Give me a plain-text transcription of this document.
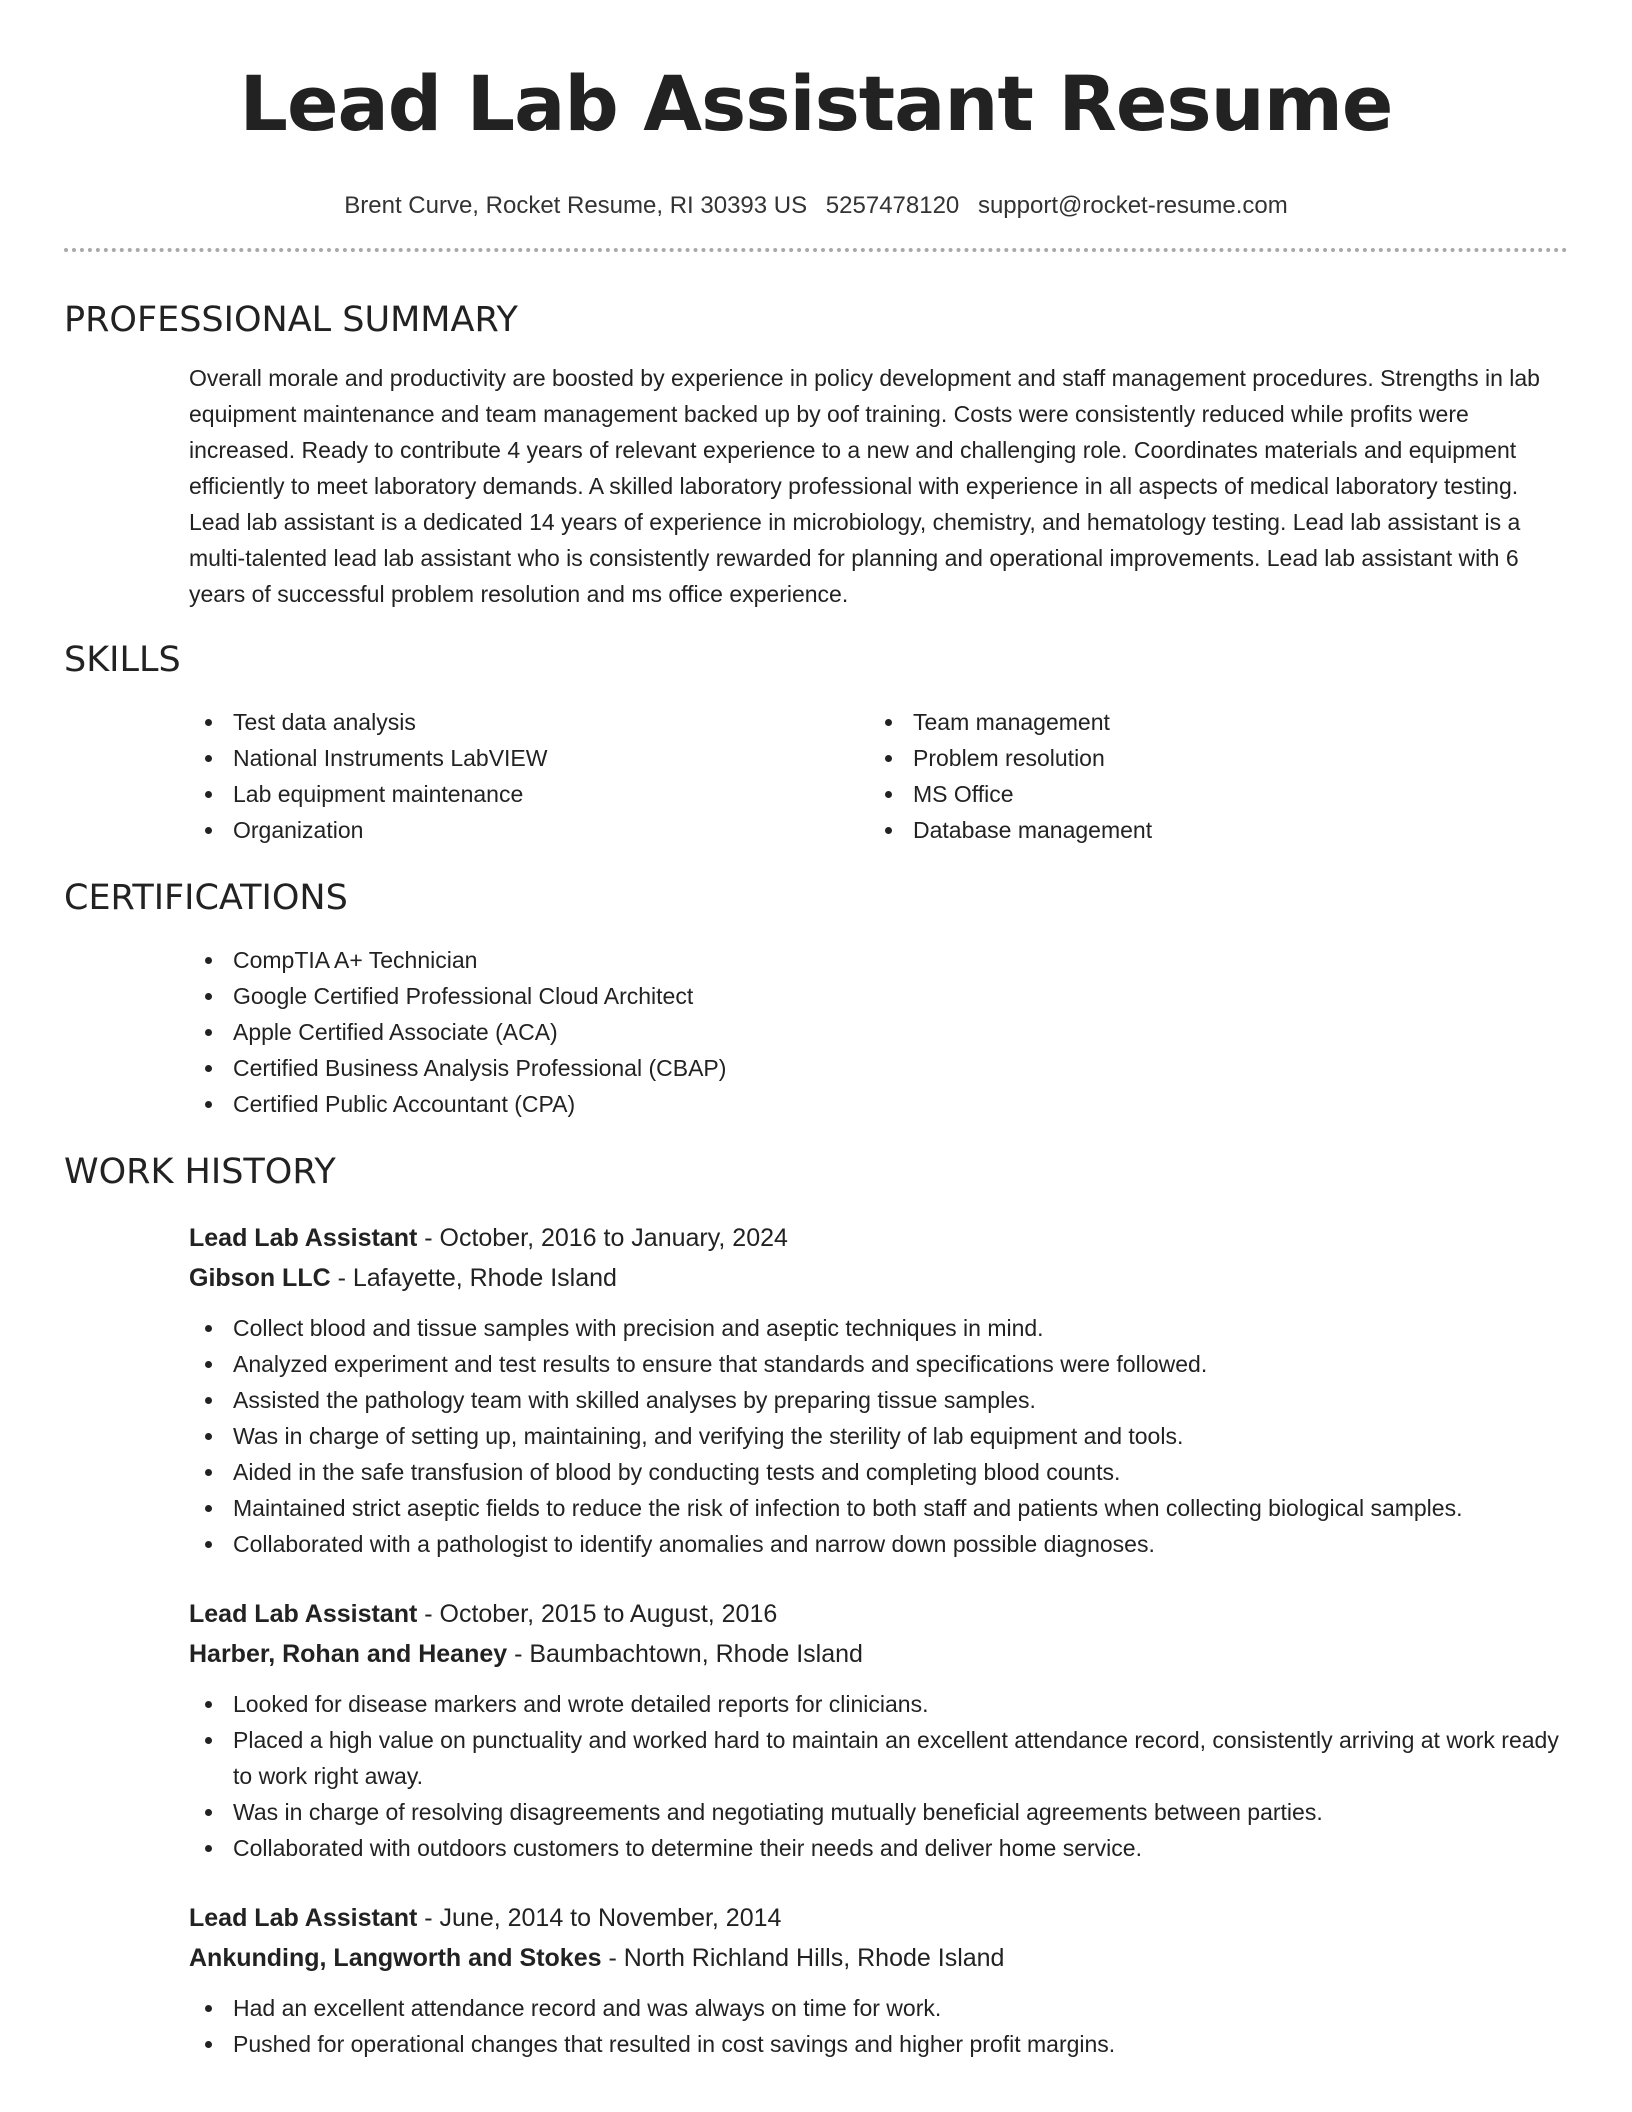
Lead Lab Assistant Resume
Brent Curve, Rocket Resume, RI 30393 US 5257478120 support@rocket-resume.com
PROFESSIONAL SUMMARY
Overall morale and productivity are boosted by experience in policy development and staff management procedures. Strengths in lab equipment maintenance and team management backed up by oof training. Costs were consistently reduced while profits were increased. Ready to contribute 4 years of relevant experience to a new and challenging role. Coordinates materials and equipment efficiently to meet laboratory demands. A skilled laboratory professional with experience in all aspects of medical laboratory testing. Lead lab assistant is a dedicated 14 years of experience in microbiology, chemistry, and hematology testing. Lead lab assistant is a multi-talented lead lab assistant who is consistently rewarded for planning and operational improvements. Lead lab assistant with 6 years of successful problem resolution and ms office experience.
SKILLS
Test data analysis
National Instruments LabVIEW
Lab equipment maintenance
Organization
Team management
Problem resolution
MS Office
Database management
CERTIFICATIONS
CompTIA A+ Technician
Google Certified Professional Cloud Architect
Apple Certified Associate (ACA)
Certified Business Analysis Professional (CBAP)
Certified Public Accountant (CPA)
WORK HISTORY
Lead Lab Assistant - October, 2016 to January, 2024
Gibson LLC - Lafayette, Rhode Island
Collect blood and tissue samples with precision and aseptic techniques in mind.
Analyzed experiment and test results to ensure that standards and specifications were followed.
Assisted the pathology team with skilled analyses by preparing tissue samples.
Was in charge of setting up, maintaining, and verifying the sterility of lab equipment and tools.
Aided in the safe transfusion of blood by conducting tests and completing blood counts.
Maintained strict aseptic fields to reduce the risk of infection to both staff and patients when collecting biological samples.
Collaborated with a pathologist to identify anomalies and narrow down possible diagnoses.
Lead Lab Assistant - October, 2015 to August, 2016
Harber, Rohan and Heaney - Baumbachtown, Rhode Island
Looked for disease markers and wrote detailed reports for clinicians.
Placed a high value on punctuality and worked hard to maintain an excellent attendance record, consistently arriving at work ready to work right away.
Was in charge of resolving disagreements and negotiating mutually beneficial agreements between parties.
Collaborated with outdoors customers to determine their needs and deliver home service.
Lead Lab Assistant - June, 2014 to November, 2014
Ankunding, Langworth and Stokes - North Richland Hills, Rhode Island
Had an excellent attendance record and was always on time for work.
Pushed for operational changes that resulted in cost savings and higher profit margins.
